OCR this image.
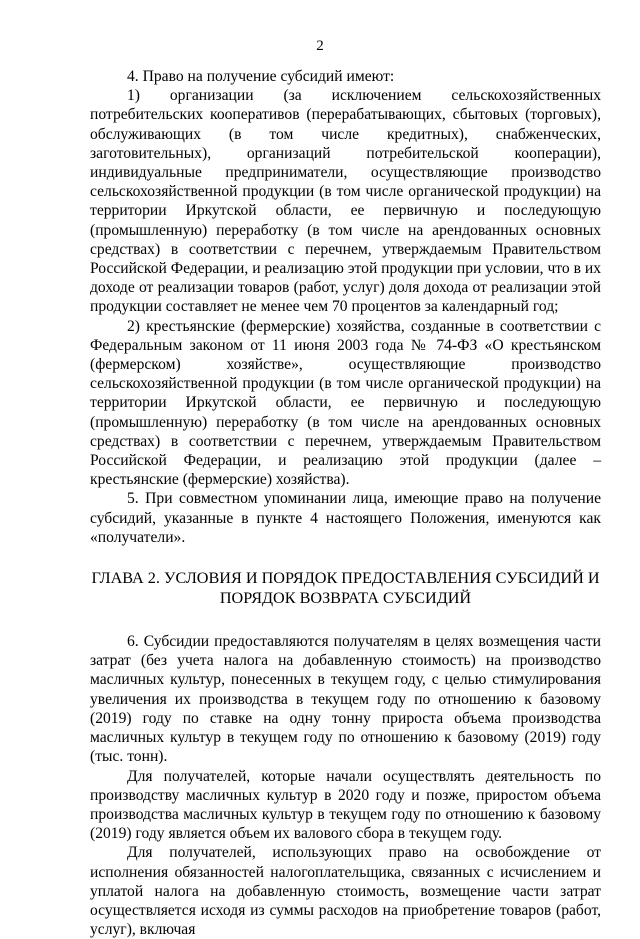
2

4. Право на получение субсидий имеют:

1) организации (за исключением сельскохозяйственных потребительских кооперативов (перерабатывающих, сбытовых (торговых), обслуживающих (в том числе кредитных), снабженческих, заготовительных), организаций потребительской кооперации), индивидуальные предприниматели, осуществляющие производство сельскохозяйственной продукции (в том числе органической продукции) на территории Иркутской области, ее первичную и последующую (промышленную) переработку (в том числе на арендованных основных средствах) в соответствии с перечнем, утверждаемым Правительством Российской Федерации, и реализацию этой продукции при условии, что в их доходе от реализации товаров (работ, услуг) доля дохода от реализации этой продукции составляет не менее чем 70 процентов за календарный год;

2) крестьянские (фермерские) хозяйства, созданные в соответствии с Федеральным законом от 11 июня 2003 года № 74-ФЗ «О крестьянском (фермерском) хозяйстве», осуществляющие производство сельскохозяйственной продукции (в том числе органической продукции) на территории Иркутской области, ее первичную и последующую (промышленную) переработку (в том числе на арендованных основных средствах) в соответствии с перечнем, утверждаемым Правительством Российской Федерации, и реализацию этой продукции (далее – крестьянские (фермерские) хозяйства).

5. При совместном упоминании лица, имеющие право на получение субсидий, указанные в пункте 4 настоящего Положения, именуются как «получатели».

ГЛАВА 2. УСЛОВИЯ И ПОРЯДОК ПРЕДОСТАВЛЕНИЯ СУБСИДИЙ И
ПОРЯДОК ВОЗВРАТА СУБСИДИЙ

6. Субсидии предоставляются получателям в целях возмещения части затрат (без учета налога на добавленную стоимость) на производство масличных культур, понесенных в текущем году, с целью стимулирования увеличения их производства в текущем году по отношению к базовому (2019) году по ставке на одну тонну прироста объема производства масличных культур в текущем году по отношению к базовому (2019) году (тыс. тонн).

Для получателей, которые начали осуществлять деятельность по производству масличных культур в 2020 году и позже, приростом объема производства масличных культур в текущем году по отношению к базовому (2019) году является объем их валового сбора в текущем году.

Для получателей, использующих право на освобождение от исполнения обязанностей налогоплательщика, связанных с исчислением и уплатой налога на добавленную стоимость, возмещение части затрат осуществляется исходя из суммы расходов на приобретение товаров (работ, услуг), включая
